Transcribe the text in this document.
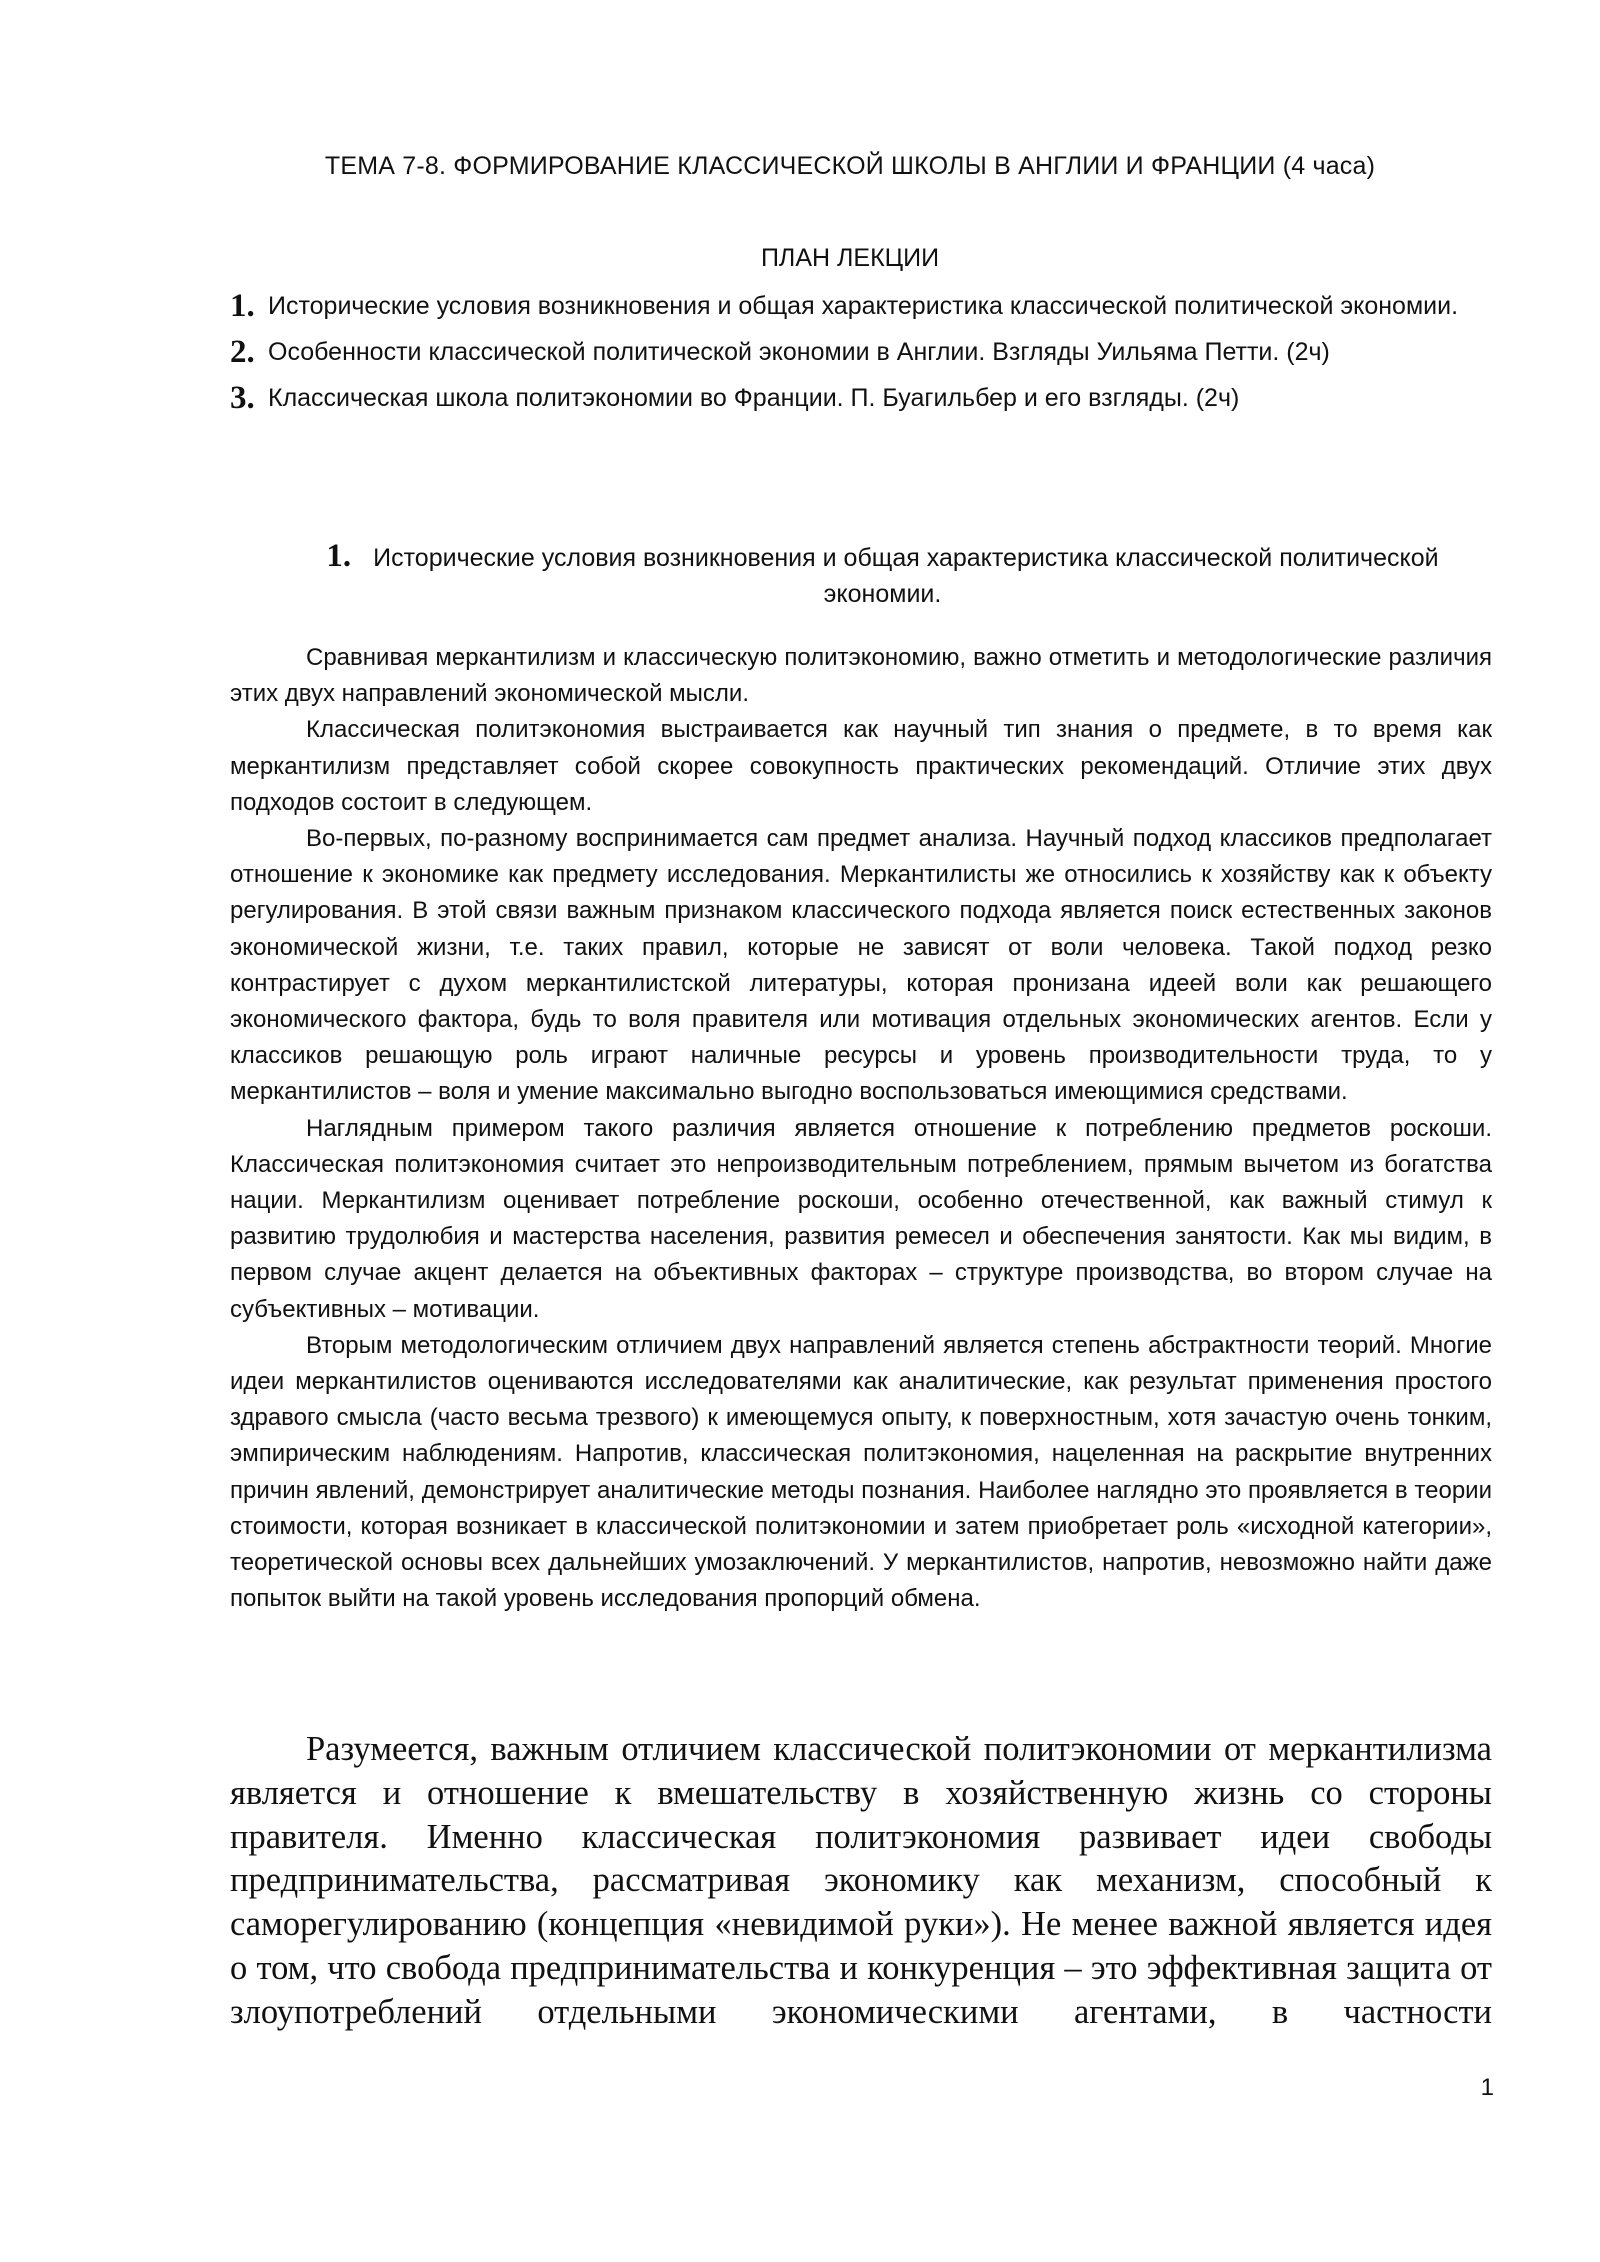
ТЕМА 7-8. ФОРМИРОВАНИЕ КЛАССИЧЕСКОЙ ШКОЛЫ В АНГЛИИ И ФРАНЦИИ (4 часа)
ПЛАН ЛЕКЦИИ
1. Исторические условия возникновения и общая характеристика классической политической экономии.
2. Особенности классической политической экономии в Англии. Взгляды Уильяма Петти. (2ч)
3. Классическая школа политэкономии во Франции. П. Буагильбер и его взгляды. (2ч)
1. Исторические условия возникновения и общая характеристика классической политической экономии.

Сравнивая меркантилизм и классическую политэкономию, важно отметить и методологические различия этих двух направлений экономической мысли.

Классическая политэкономия выстраивается как научный тип знания о предмете, в то время как меркантилизм представляет собой скорее совокупность практических рекомендаций. Отличие этих двух подходов состоит в следующем.

Во-первых, по-разному воспринимается сам предмет анализа. Научный подход классиков предполагает отношение к экономике как предмету исследования. Меркантилисты же относились к хозяйству как к объекту регулирования. В этой связи важным признаком классического подхода является поиск естественных законов экономической жизни, т.е. таких правил, которые не зависят от воли человека. Такой подход резко контрастирует с духом меркантилистской литературы, которая пронизана идеей воли как решающего экономического фактора, будь то воля правителя или мотивация отдельных экономических агентов. Если у классиков решающую роль играют наличные ресурсы и уровень производительности труда, то у меркантилистов – воля и умение максимально выгодно воспользоваться имеющимися средствами.

Наглядным примером такого различия является отношение к потреблению предметов роскоши. Классическая политэкономия считает это непроизводительным потреблением, прямым вычетом из богатства нации. Меркантилизм оценивает потребление роскоши, особенно отечественной, как важный стимул к развитию трудолюбия и мастерства населения, развития ремесел и обеспечения занятости. Как мы видим, в первом случае акцент делается на объективных факторах – структуре производства, во втором случае на субъективных – мотивации.

Вторым методологическим отличием двух направлений является степень абстрактности теорий. Многие идеи меркантилистов оцениваются исследователями как аналитические, как результат применения простого здравого смысла (часто весьма трезвого) к имеющемуся опыту, к поверхностным, хотя зачастую очень тонким, эмпирическим наблюдениям. Напротив, классическая политэкономия, нацеленная на раскрытие внутренних причин явлений, демонстрирует аналитические методы познания. Наиболее наглядно это проявляется в теории стоимости, которая возникает в классической политэкономии и затем приобретает роль «исходной категории», теоретической основы всех дальнейших умозаключений. У меркантилистов, напротив, невозможно найти даже попыток выйти на такой уровень исследования пропорций обмена.

Разумеется, важным отличием классической политэкономии от меркантилизма является и отношение к вмешательству в хозяйственную жизнь со стороны правителя. Именно классическая политэкономия развивает идеи свободы предпринимательства, рассматривая экономику как механизм, способный к саморегулированию (концепция «невидимой руки»). Не менее важной является идея о том, что свобода предпринимательства и конкуренция – это эффективная защита от злоупотреблений отдельными экономическими агентами, в частности

1
